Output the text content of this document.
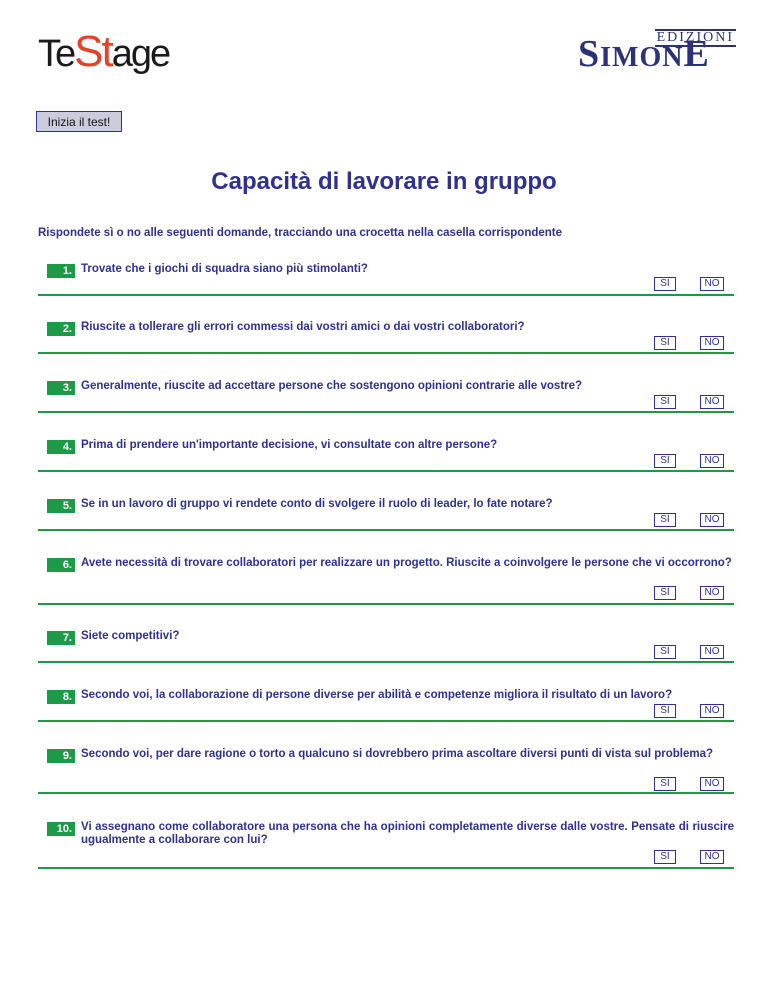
TeStage	EDIZIONI
SIMONE
Inizia il test!
Capacità di lavorare in gruppo
Rispondete sì o no alle seguenti domande, tracciando una crocetta nella casella corrispondente
1. Trovate che i giochi di squadra siano più stimolanti?
SÌ	NO
2. Riuscite a tollerare gli errori commessi dai vostri amici o dai vostri collaboratori?
SÌ	NO
3. Generalmente, riuscite ad accettare persone che sostengono opinioni contrarie alle vostre?
SÌ	NO
4. Prima di prendere un'importante decisione, vi consultate con altre persone?
SÌ	NO
5. Se in un lavoro di gruppo vi rendete conto di svolgere il ruolo di leader, lo fate notare?
SÌ	NO
6. Avete necessità di trovare collaboratori per realizzare un progetto. Riuscite a coinvolgere le persone che vi occorrono?
SÌ	NO
7. Siete competitivi?
SÌ	NO
8. Secondo voi, la collaborazione di persone diverse per abilità e competenze migliora il risultato di un lavoro?
SÌ	NO
9. Secondo voi, per dare ragione o torto a qualcuno si dovrebbero prima ascoltare diversi punti di vista sul problema?
SÌ	NO
10. Vi assegnano come collaboratore una persona che ha opinioni completamente diverse dalle vostre. Pensate di riuscire ugualmente a collaborare con lui?
SÌ	NO
